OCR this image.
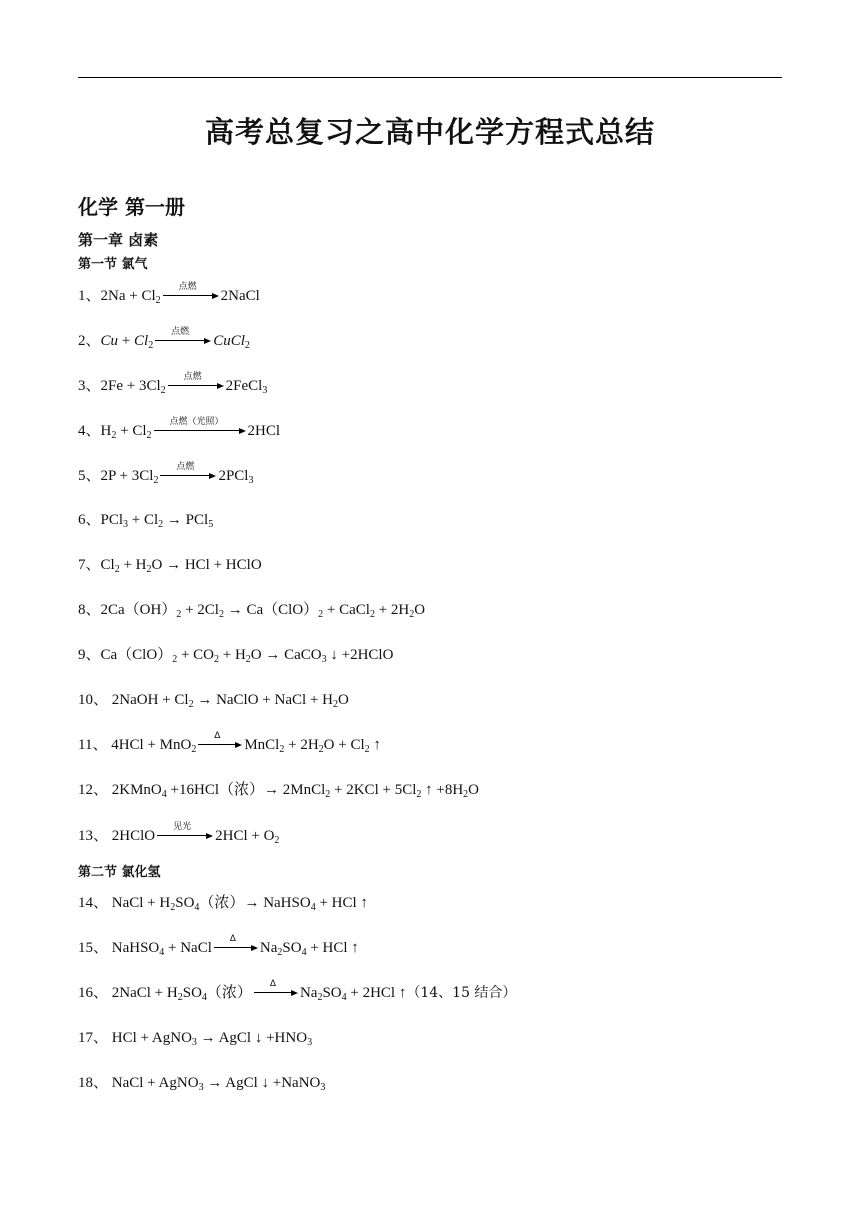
高考总复习之高中化学方程式总结
化学 第一册
第一章 卤素
第一节 氯气
1、$2Na + Cl_2$
点燃
2NaCl
2、$Cu + Cl_2$
点燃
CuCl$_2$
3、$2Fe + 3Cl_2$
点燃
2FeCl$_3$
4、$H_2 + Cl_2$
点燃（光照）
2HCl
5、$2P + 3Cl_2$
点燃
2PCl$_3$
6、$PCl_3 + Cl_2 \to PCl_5$
7、$Cl_2 + H_2O$ → HCl + HClO
8、$2Ca(OH)_2 + 2Cl_2 \to Ca(ClO)_2$ + CaCl$_2$ + $2H_2O$
9、$Ca(ClO)_2 + CO_2 + H_2O$ → CaCO$_3$ ↓ +2HClO
10、 2NaOH + $Cl_2$ → NaClO + NaCl + $H_2O$
11、 4HCl + MnO$_2$
Δ
MnCl$_2$ + $2H_2O + Cl_2$ ↑
12、 2KMnO$_4$ +16HCl（浓）→ 2MnCl$_2$ + $2KCl + 5Cl_2$ ↑ $+8H_2O$
13、 2HClO
见光
$2HCl + O_2$
第二节 氯化氢
14、 NaCl + $H_2SO_4$（浓）→ NaHSO$_4$ + HCl ↑
15、 NaHSO$_4$ + NaCl
Δ
$Na_2SO_4$ + HCl ↑
16、 2NaCl + $H_2SO_4$（浓）
Δ
$Na_2SO_4 + 2HCl$ ↑（14、15 结合）
17、 HCl + AgNO$_3$ → AgCl ↓ $+HNO_3$
18、 NaCl + AgNO$_3$ → AgCl ↓ +NaNO$_3$
